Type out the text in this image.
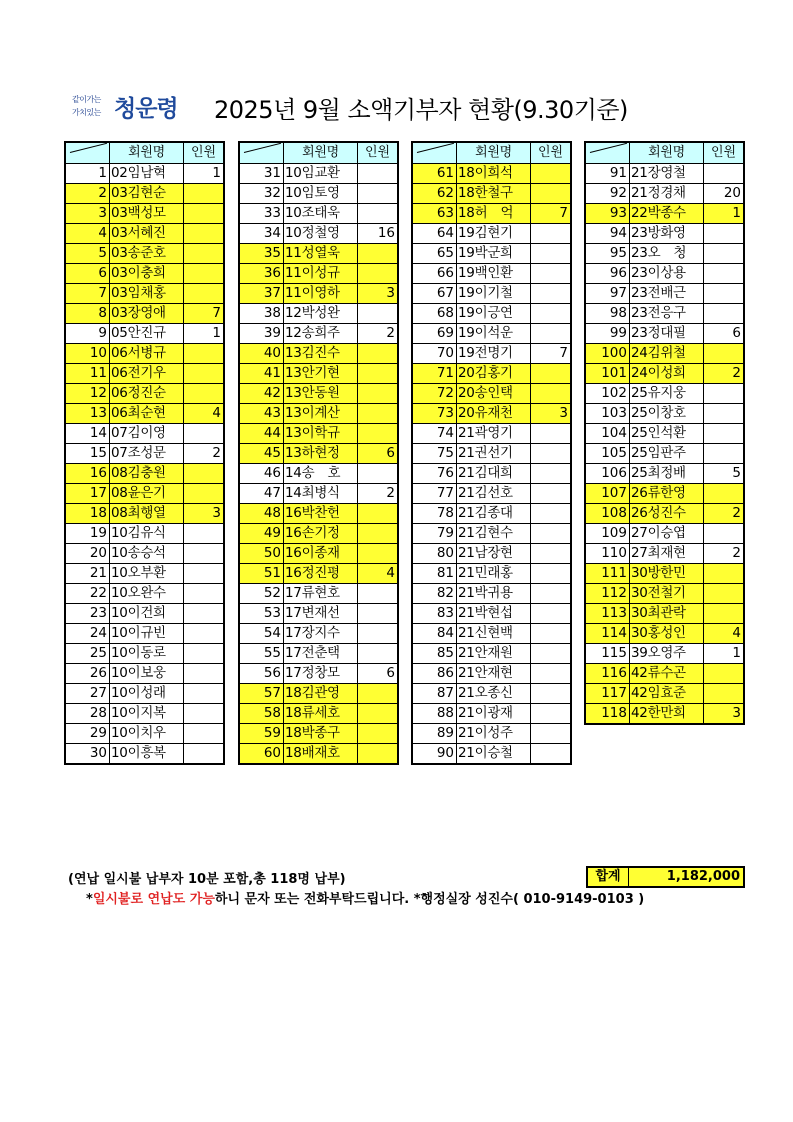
같이가는
가치있는 청운령 2025년 9월 소액기부자 현황(9.30기준)
회원명	인원
1 02임남혁	1
2 03김현순
3 03백성모
4 03서혜진
5 03송준호
6 03이충희
7 03임채홍
8 03장영애	7
9 05안진규	1
10 06서병규
11 06전기우
12 06정진순
13 06최순현	4
14 07김이영
15 07조성문	2
16 08김충원
17 08윤은기
18 08최행열	3
19 10김유식
20 10송승석
21 10오부환
22 10오완수
23 10이건희
24 10이규빈
25 10이동로
26 10이보웅
27 10이성래
28 10이지복
29 10이치우
30 10이흥복
회원명	인원
31 10임교환
32 10임토영
33 10조태욱
34 10정철영	16
35 11성열욱
36 11이성규
37 11이영하	3
38 12박성완
39 12송희주	2
40 13김진수
41 13안기현
42 13안동원
43 13이계산
44 13이학규
45 13하현정	6
46 14송　호
47 14최병식	2
48 16박찬헌
49 16손기정
50 16이종재
51 16정진평	4
52 17류현호
53 17변재선
54 17장지수
55 17전춘택
56 17정창모	6
57 18김관영
58 18류세호
59 18박종구
60 18배재호
회원명	인원
61 18이희석
62 18한철구
63 18허　억	7
64 19김현기
65 19박군희
66 19백인환
67 19이기철
68 19이긍연
69 19이석운
70 19전명기	7
71 20김홍기
72 20송인택
73 20유재천	3
74 21곽영기
75 21권선기
76 21김대희
77 21김선호
78 21김종대
79 21김현수
80 21남장현
81 21민래홍
82 21박귀용
83 21박현섭
84 21신현백
85 21안재원
86 21안재현
87 21오종신
88 21이광재
89 21이성주
90 21이승철
회원명	인원
91 21장영철
92 21정경채	20
93 22박종수	1
94 23방화영
95 23오　청
96 23이상용
97 23전배근
98 23전응구
99 23정대필	6
100 24김위철
101 24이성희	2
102 25유지웅
103 25이창호
104 25인석환
105 25임판주
106 25최정배	5
107 26류한영
108 26성진수	2
109 27이승엽
110 27최재현	2
111 30방한민
112 30전철기
113 30최관락
114 30홍성인	4
115 39오영주	1
116 42류수곤
117 42임효준
118 42한만희	3
(연납 일시불 납부자 10분 포함,총 118명 납부)	합계	1,182,000
*일시불로 연납도 가능하니 문자 또는 전화부탁드립니다. *행정실장 성진수( 010-9149-0103 )
